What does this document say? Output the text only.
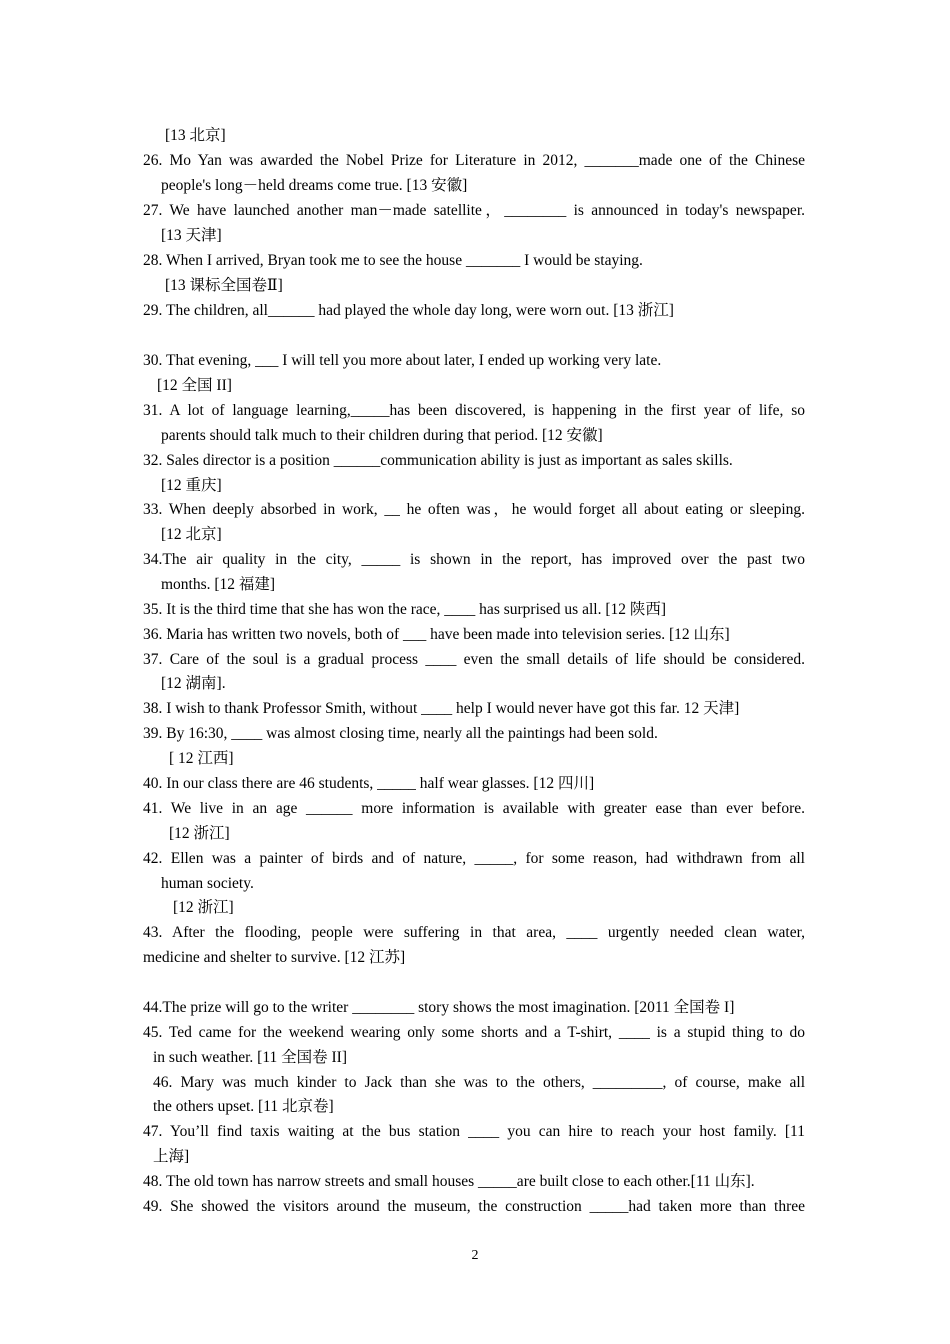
[13 北京]
26. Mo Yan was awarded the Nobel Prize for Literature in 2012, _______made one of the Chinese
people's long－held dreams come true. [13 安徽]
27. We have launched another man－made satellite，________ is announced in today's newspaper.
[13 天津]
28. When I arrived, Bryan took me to see the house _______ I would be staying.
[13 课标全国卷Ⅱ]
29. The children, all______ had played the whole day long, were worn out. [13 浙江]
30. That evening, ___ I will tell you more about later, I ended up working very late.
[12 全国 II]
31. A lot of language learning,_____has been discovered, is happening in the first year of life, so
parents should talk much to their children during that period. [12 安徽]
32. Sales director is a position ______communication ability is just as important as sales skills.
[12 重庆]
33. When deeply absorbed in work, __ he often was，he would forget all about eating or sleeping.
[12 北京]
34.The air quality in the city, _____ is shown in the report, has improved over the past two
months. [12 福建]
35. It is the third time that she has won the race, ____ has surprised us all. [12 陕西]
36. Maria has written two novels, both of ___ have been made into television series. [12 山东]
37. Care of the soul is a gradual process ____ even the small details of life should be considered.
[12 湖南].
38. I wish to thank Professor Smith, without ____ help I would never have got this far. 12 天津]
39. By 16:30, ____ was almost closing time, nearly all the paintings had been sold.
[ 12 江西]
40. In our class there are 46 students, _____ half wear glasses. [12 四川]
41. We live in an age ______ more information is available with greater ease than ever before.
[12 浙江]
42. Ellen was a painter of birds and of nature, _____, for some reason, had withdrawn from all
human society.
[12 浙江]
43. After the flooding, people were suffering in that area, ____ urgently needed clean water,
medicine and shelter to survive. [12 江苏]
44.The prize will go to the writer ________ story shows the most imagination. [2011 全国卷 I]
45. Ted came for the weekend wearing only some shorts and a T-shirt, ____ is a stupid thing to do
in such weather. [11 全国卷 II]
46. Mary was much kinder to Jack than she was to the others, _________, of course, make all
the others upset. [11 北京卷]
47. You’ll find taxis waiting at the bus station ____ you can hire to reach your host family. [11
上海]
48. The old town has narrow streets and small houses _____are built close to each other.[11 山东].
49. She showed the visitors around the museum, the construction _____had taken more than three
2
